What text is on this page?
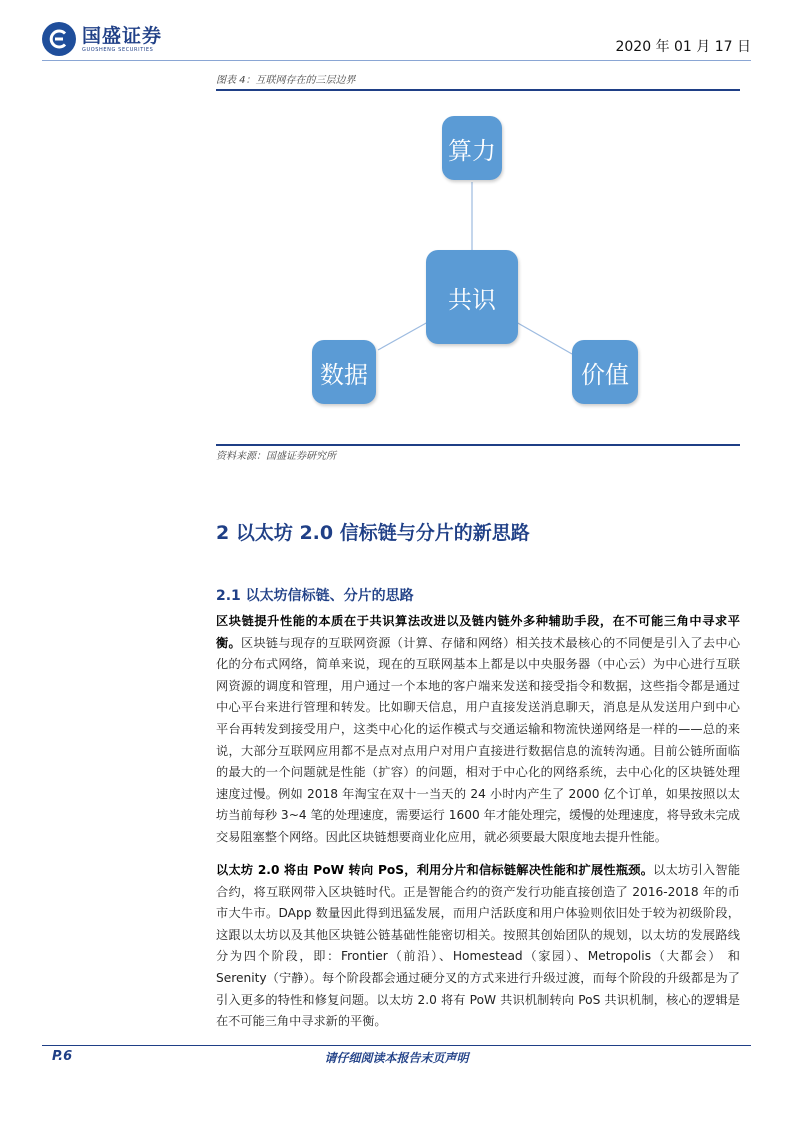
国盛证券
GUOSHENG SECURITIES	2020 年 01 月 17 日
图表 4：互联网存在的三层边界
算力
共识
数据	价值
资料来源：国盛证券研究所
2 以太坊 2.0 信标链与分片的新思路
2.1 以太坊信标链、分片的思路
区块链提升性能的本质在于共识算法改进以及链内链外多种辅助手段，在不可能三角中寻求平衡。区块链与现存的互联网资源（计算、存储和网络）相关技术最核心的不同便是引入了去中心化的分布式网络，简单来说，现在的互联网基本上都是以中央服务器（中心云）为中心进行互联网资源的调度和管理，用户通过一个本地的客户端来发送和接受指令和数据，这些指令都是通过中心平台来进行管理和转发。比如聊天信息，用户直接发送消息聊天，消息是从发送用户到中心平台再转发到接受用户，这类中心化的运作模式与交通运输和物流快递网络是一样的——总的来说，大部分互联网应用都不是点对点用户对用户直接进行数据信息的流转沟通。目前公链所面临的最大的一个问题就是性能（扩容）的问题，相对于中心化的网络系统，去中心化的区块链处理速度过慢。例如 2018 年淘宝在双十一当天的 24 小时内产生了 2000 亿个订单，如果按照以太坊当前每秒 3~4 笔的处理速度，需要运行 1600 年才能处理完，缓慢的处理速度，将导致未完成交易阻塞整个网络。因此区块链想要商业化应用，就必须要最大限度地去提升性能。
以太坊 2.0 将由 PoW 转向 PoS，利用分片和信标链解决性能和扩展性瓶颈。以太坊引入智能合约，将互联网带入区块链时代。正是智能合约的资产发行功能直接创造了 2016-2018 年的币市大牛市。DApp 数量因此得到迅猛发展，而用户活跃度和用户体验则依旧处于较为初级阶段，这跟以太坊以及其他区块链公链基础性能密切相关。按照其创始团队的规划，以太坊的发展路线分为四个阶段，即：Frontier（前沿）、Homestead（家园）、Metropolis（大都会） 和 Serenity（宁静）。每个阶段都会通过硬分叉的方式来进行升级过渡，而每个阶段的升级都是为了引入更多的特性和修复问题。以太坊 2.0 将有 PoW 共识机制转向 PoS 共识机制，核心的逻辑是在不可能三角中寻求新的平衡。
P.6	请仔细阅读本报告末页声明
